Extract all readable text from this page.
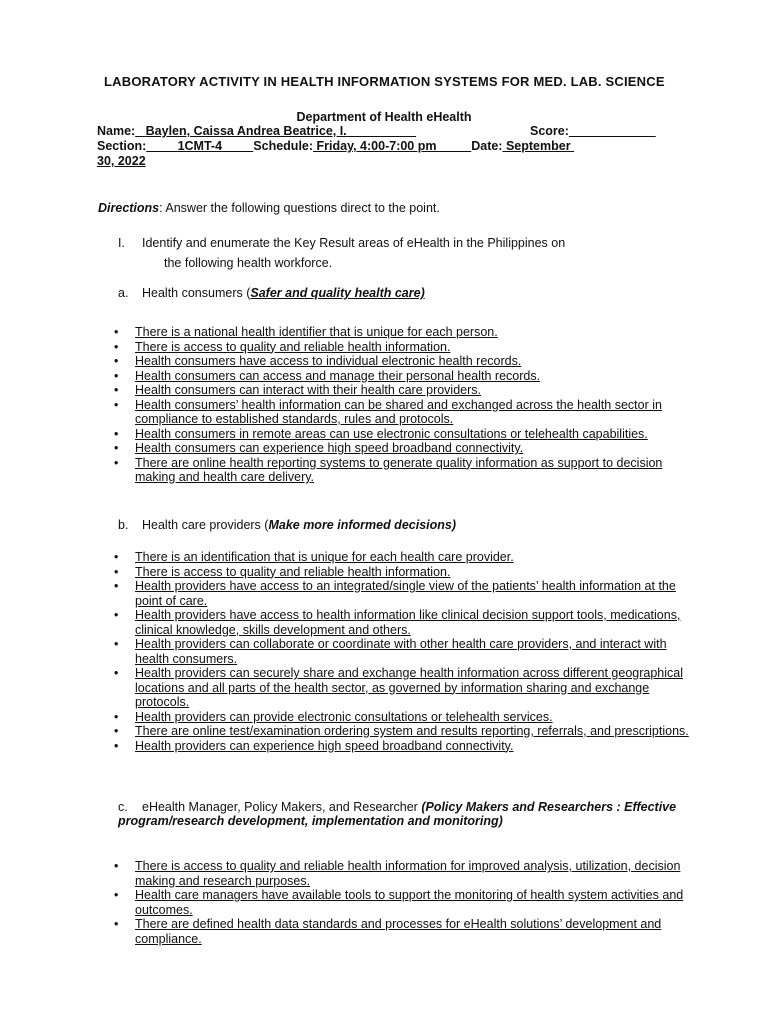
LABORATORY ACTIVITY IN HEALTH INFORMATION SYSTEMS FOR MED. LAB. SCIENCE
Department of Health eHealth
Name: Baylen, Caissa Andrea Beatrice, I.	Score:
Section:	1CMT-4	Schedule: Friday, 4:00-7:00 pm	Date: September
30, 2022
Directions: Answer the following questions direct to the point.
I. Identify and enumerate the Key Result areas of eHealth in the Philippines on
the following health workforce.
a. Health consumers (Safer and quality health care)
• There is a national health identifier that is unique for each person.
• There is access to quality and reliable health information.
• Health consumers have access to individual electronic health records.
• Health consumers can access and manage their personal health records.
• Health consumers can interact with their health care providers.
• Health consumers’ health information can be shared and exchanged across the health sector in compliance to established standards, rules and protocols.
• Health consumers in remote areas can use electronic consultations or telehealth capabilities.
• Health consumers can experience high speed broadband connectivity.
• There are online health reporting systems to generate quality information as support to decision making and health care delivery.
b. Health care providers (Make more informed decisions)
• There is an identification that is unique for each health care provider.
• There is access to quality and reliable health information.
• Health providers have access to an integrated/single view of the patients’ health information at the point of care.
• Health providers have access to health information like clinical decision support tools, medications, clinical knowledge, skills development and others.
• Health providers can collaborate or coordinate with other health care providers, and interact with health consumers.
• Health providers can securely share and exchange health information across different geographical locations and all parts of the health sector, as governed by information sharing and exchange protocols.
• Health providers can provide electronic consultations or telehealth services.
• There are online test/examination ordering system and results reporting, referrals, and prescriptions.
• Health providers can experience high speed broadband connectivity.
c. eHealth Manager, Policy Makers, and Researcher (Policy Makers and Researchers : Effective program/research development, implementation and monitoring)
• There is access to quality and reliable health information for improved analysis, utilization, decision making and research purposes.
• Health care managers have available tools to support the monitoring of health system activities and outcomes.
• There are defined health data standards and processes for eHealth solutions’ development and compliance.
